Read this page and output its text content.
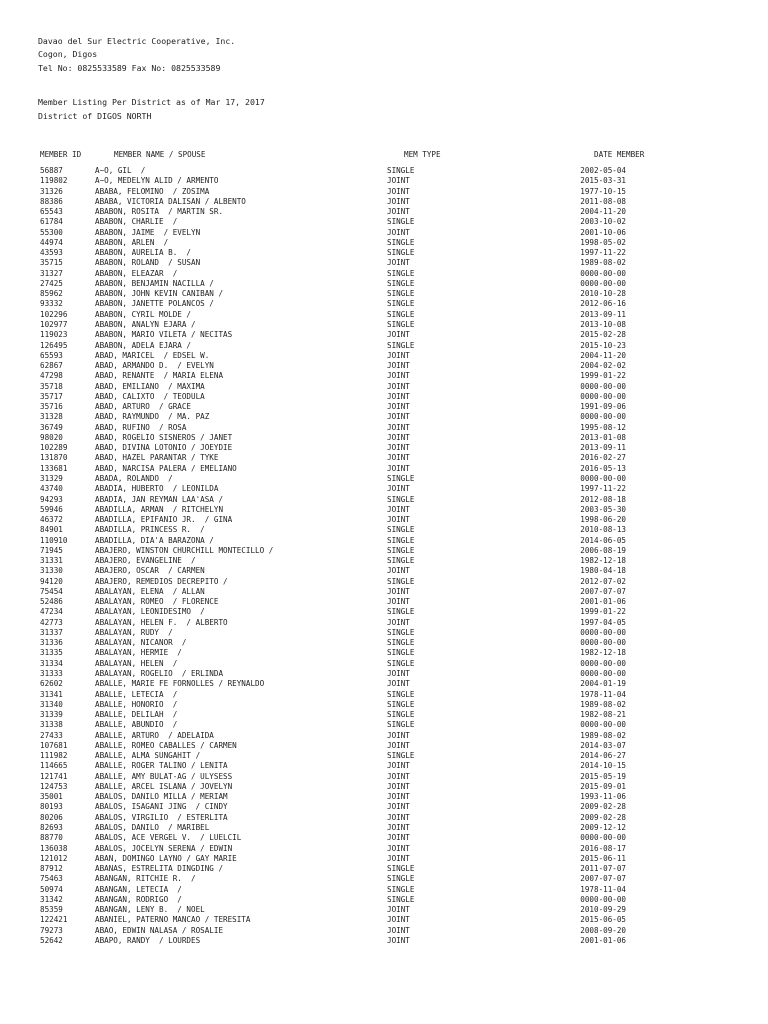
Davao del Sur Electric Cooperative, Inc.
Cogon, Digos
Tel No: 0825533589 Fax No: 0825533589
Member Listing Per District as of Mar 17, 2017
District of DIGOS NORTH
MEMBER ID	MEMBER NAME / SPOUSE	MEM TYPE	DATE MEMBER
56887	A~O, GIL  /	SINGLE	2002-05-04
119802	A~O, MEDELYN ALID / ARMENTO	JOINT	2015-03-31
31326	ABABA, FELOMINO  / ZOSIMA	JOINT	1977-10-15
88386	ABABA, VICTORIA DALISAN / ALBENTO	JOINT	2011-08-08
65543	ABABON, ROSITA  / MARTIN SR.	JOINT	2004-11-20
61784	ABABON, CHARLIE  /	SINGLE	2003-10-02
55300	ABABON, JAIME  / EVELYN	JOINT	2001-10-06
44974	ABABON, ARLEN  /	SINGLE	1998-05-02
43593	ABABON, AURELIA B.  /	SINGLE	1997-11-22
35715	ABABON, ROLAND  / SUSAN	JOINT	1989-08-02
31327	ABABON, ELEAZAR  /	SINGLE	0000-00-00
27425	ABABON, BENJAMIN NACILLA /	SINGLE	0000-00-00
85962	ABABON, JOHN KEVIN CANIBAN /	SINGLE	2010-10-28
93332	ABABON, JANETTE POLANCOS /	SINGLE	2012-06-16
102296	ABABON, CYRIL MOLDE /	SINGLE	2013-09-11
102977	ABABON, ANALYN EJARA /	SINGLE	2013-10-08
119023	ABABON, MARIO VILETA / NECITAS	JOINT	2015-02-28
126495	ABABON, ADELA EJARA /	SINGLE	2015-10-23
65593	ABAD, MARICEL  / EDSEL W.	JOINT	2004-11-20
62867	ABAD, ARMANDO D.  / EVELYN	JOINT	2004-02-02
47298	ABAD, RENANTE  / MARIA ELENA	JOINT	1999-01-22
35718	ABAD, EMILIANO  / MAXIMA	JOINT	0000-00-00
35717	ABAD, CALIXTO  / TEODULA	JOINT	0000-00-00
35716	ABAD, ARTURO  / GRACE	JOINT	1991-09-06
31328	ABAD, RAYMUNDO  / MA. PAZ	JOINT	0000-00-00
36749	ABAD, RUFINO  / ROSA	JOINT	1995-08-12
98020	ABAD, ROGELIO SISNEROS / JANET	JOINT	2013-01-08
102289	ABAD, DIVINA LOTONIO / JOEYDIE	JOINT	2013-09-11
131870	ABAD, HAZEL PARANTAR / TYKE	JOINT	2016-02-27
133681	ABAD, NARCISA PALERA / EMELIANO	JOINT	2016-05-13
31329	ABADA, ROLANDO  /	SINGLE	0000-00-00
43740	ABADIA, HUBERTO  / LEONILDA	JOINT	1997-11-22
94293	ABADIA, JAN REYMAN LAA'ASA /	SINGLE	2012-08-18
59946	ABADILLA, ARMAN  / RITCHELYN	JOINT	2003-05-30
46372	ABADILLA, EPIFANIO JR.  / GINA	JOINT	1998-06-20
84901	ABADILLA, PRINCESS R.  /	SINGLE	2010-08-13
110910	ABADILLA, DIA'A BARAZONA /	SINGLE	2014-06-05
71945	ABAJERO, WINSTON CHURCHILL MONTECILLO /	SINGLE	2006-08-19
31331	ABAJERO, EVANGELINE  /	SINGLE	1982-12-18
31330	ABAJERO, OSCAR  / CARMEN	JOINT	1980-04-18
94120	ABAJERO, REMEDIOS DECREPITO /	SINGLE	2012-07-02
75454	ABALAYAN, ELENA  / ALLAN	JOINT	2007-07-07
52486	ABALAYAN, ROMEO  / FLORENCE	JOINT	2001-01-06
47234	ABALAYAN, LEONIDESIMO  /	SINGLE	1999-01-22
42773	ABALAYAN, HELEN F.  / ALBERTO	JOINT	1997-04-05
31337	ABALAYAN, RUDY  /	SINGLE	0000-00-00
31336	ABALAYAN, NICANOR  /	SINGLE	0000-00-00
31335	ABALAYAN, HERMIE  /	SINGLE	1982-12-18
31334	ABALAYAN, HELEN  /	SINGLE	0000-00-00
31333	ABALAYAN, ROGELIO  / ERLINDA	JOINT	0000-00-00
62602	ABALLE, MARIE FE FORNOLLES / REYNALDO	JOINT	2004-01-19
31341	ABALLE, LETECIA  /	SINGLE	1978-11-04
31340	ABALLE, HONORIO  /	SINGLE	1989-08-02
31339	ABALLE, DELILAH  /	SINGLE	1982-08-21
31338	ABALLE, ABUNDIO  /	SINGLE	0000-00-00
27433	ABALLE, ARTURO  / ADELAIDA	JOINT	1989-08-02
107681	ABALLE, ROMEO CABALLES / CARMEN	JOINT	2014-03-07
111982	ABALLE, ALMA SUNGAHIT /	SINGLE	2014-06-27
114665	ABALLE, ROGER TALINO / LENITA	JOINT	2014-10-15
121741	ABALLE, AMY BULAT-AG / ULYSESS	JOINT	2015-05-19
124753	ABALLE, ARCEL ISLANA / JOVELYN	JOINT	2015-09-01
35001	ABALOS, DANILO MILLA / MERIAM	JOINT	1993-11-06
80193	ABALOS, ISAGANI JING  / CINDY	JOINT	2009-02-28
80206	ABALOS, VIRGILIO  / ESTERLITA	JOINT	2009-02-28
82693	ABALOS, DANILO  / MARIBEL	JOINT	2009-12-12
88770	ABALOS, ACE VERGEL V.  / LUELCIL	JOINT	0000-00-00
136038	ABALOS, JOCELYN SERENA / EDWIN	JOINT	2016-08-17
121012	ABAN, DOMINGO LAYNO / GAY MARIE	JOINT	2015-06-11
87912	ABANAS, ESTRELITA DINGDING /	SINGLE	2011-07-07
75463	ABANGAN, RITCHIE R.  /	SINGLE	2007-07-07
50974	ABANGAN, LETECIA  /	SINGLE	1978-11-04
31342	ABANGAN, RODRIGO  /	SINGLE	0000-00-00
85359	ABANGAN, LENY B.  / NOEL	JOINT	2010-09-29
122421	ABANIEL, PATERNO MANCAO / TERESITA	JOINT	2015-06-05
79273	ABAO, EDWIN NALASA / ROSALIE	JOINT	2008-09-20
52642	ABAPO, RANDY  / LOURDES	JOINT	2001-01-06
